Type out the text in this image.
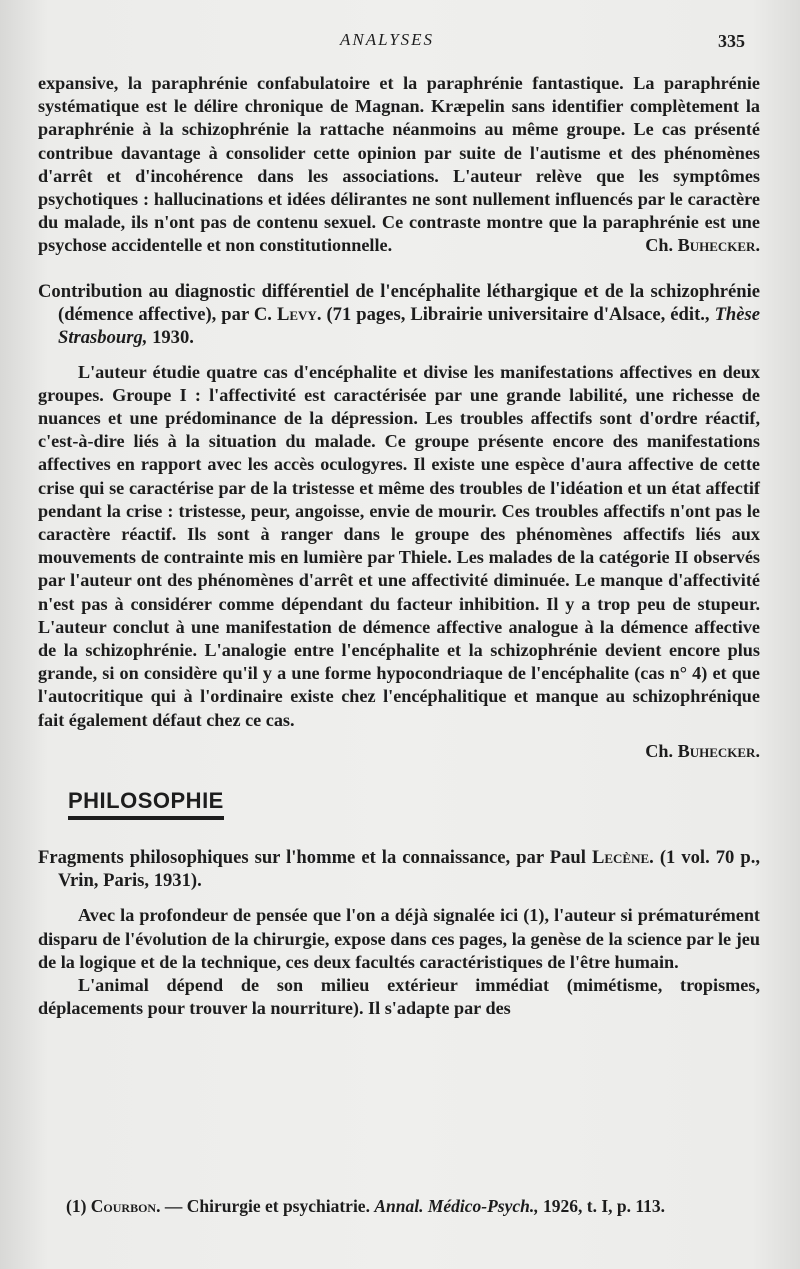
ANALYSES	335

expansive, la paraphrénie confabulatoire et la paraphrénie fantastique. La paraphrénie systématique est le délire chronique de Magnan. Kræpelin sans identifier complètement la paraphrénie à la schizophrénie la rattache néanmoins au même groupe. Le cas présenté contribue davantage à consolider cette opinion par suite de l'autisme et des phénomènes d'arrêt et d'incohérence dans les associations. L'auteur relève que les symptômes psychotiques : hallucinations et idées délirantes ne sont nullement influencés par le caractère du malade, ils n'ont pas de contenu sexuel. Ce contraste montre que la paraphrénie est une psychose accidentelle et non constitutionnelle.	Ch. Buhecker.

Contribution au diagnostic différentiel de l'encéphalite léthargique et de la schizophrénie (démence affective), par C. Levy. (71 pages, Librairie universitaire d'Alsace, édit., Thèse Strasbourg, 1930.

L'auteur étudie quatre cas d'encéphalite et divise les manifestations affectives en deux groupes. Groupe I : l'affectivité est caractérisée par une grande labilité, une richesse de nuances et une prédominance de la dépression. Les troubles affectifs sont d'ordre réactif, c'est-à-dire liés à la situation du malade. Ce groupe présente encore des manifestations affectives en rapport avec les accès oculogyres. Il existe une espèce d'aura affective de cette crise qui se caractérise par de la tristesse et même des troubles de l'idéation et un état affectif pendant la crise : tristesse, peur, angoisse, envie de mourir. Ces troubles affectifs n'ont pas le caractère réactif. Ils sont à ranger dans le groupe des phénomènes affectifs liés aux mouvements de contrainte mis en lumière par Thiele. Les malades de la catégorie II observés par l'auteur ont des phénomènes d'arrêt et une affectivité diminuée. Le manque d'affectivité n'est pas à considérer comme dépendant du facteur inhibition. Il y a trop peu de stupeur. L'auteur conclut à une manifestation de démence affective analogue à la démence affective de la schizophrénie. L'analogie entre l'encéphalite et la schizophrénie devient encore plus grande, si on considère qu'il y a une forme hypocondriaque de l'encéphalite (cas n° 4) et que l'autocritique qui à l'ordinaire existe chez l'encéphalitique et manque au schizophrénique fait également défaut chez ce cas.

Ch. Buhecker.
PHILOSOPHIE

Fragments philosophiques sur l'homme et la connaissance, par Paul Lecène. (1 vol. 70 p., Vrin, Paris, 1931).

Avec la profondeur de pensée que l'on a déjà signalée ici (1), l'auteur si prématurément disparu de l'évolution de la chirurgie, expose dans ces pages, la genèse de la science par le jeu de la logique et de la technique, ces deux facultés caractéristiques de l'être humain.

L'animal dépend de son milieu extérieur immédiat (mimétisme, tropismes, déplacements pour trouver la nourriture). Il s'adapte par des

(1) Courbon. — Chirurgie et psychiatrie. Annal. Médico-Psych., 1926, t. I, p. 113.
